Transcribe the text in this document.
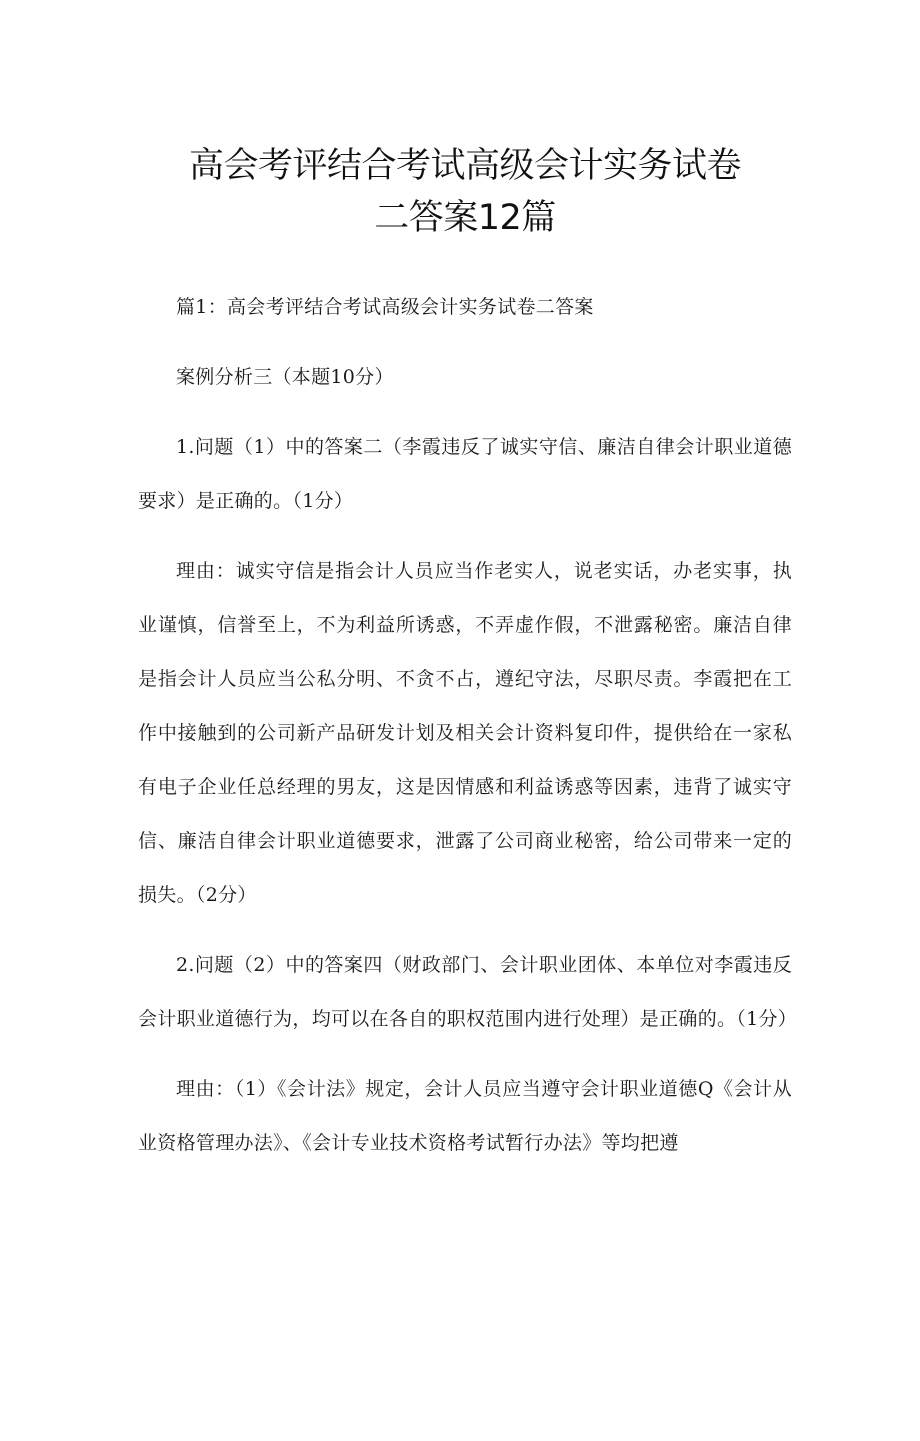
高会考评结合考试高级会计实务试卷
二答案12篇

篇1：高会考评结合考试高级会计实务试卷二答案

案例分析三（本题10分）

1.问题（1）中的答案二（李霞违反了诚实守信、廉洁自律会计职业道德要求）是正确的。（1分）

理由：诚实守信是指会计人员应当作老实人，说老实话，办老实事，执业谨慎，信誉至上，不为利益所诱惑，不弄虚作假，不泄露秘密。廉洁自律是指会计人员应当公私分明、不贪不占，遵纪守法，尽职尽责。李霞把在工作中接触到的公司新产品研发计划及相关会计资料复印件，提供给在一家私有电子企业任总经理的男友，这是因情感和利益诱惑等因素，违背了诚实守信、廉洁自律会计职业道德要求，泄露了公司商业秘密，给公司带来一定的损失。（2分）

2.问题（2）中的答案四（财政部门、会计职业团体、本单位对李霞违反会计职业道德行为，均可以在各自的职权范围内进行处理）是正确的。（1分）

理由：（1）《会计法》规定，会计人员应当遵守会计职业道德Q《会计从业资格管理办法》、《会计专业技术资格考试暂行办法》等均把遵
